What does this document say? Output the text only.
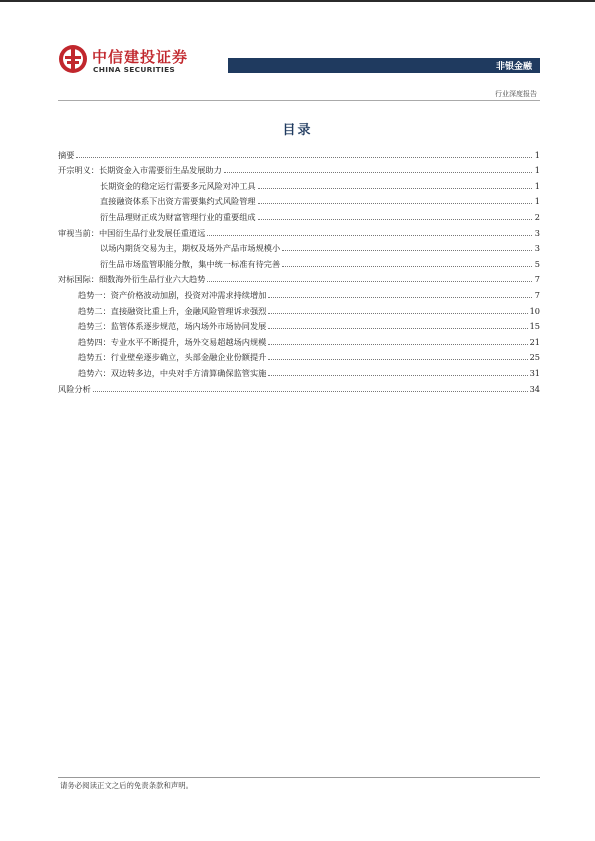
中信建投证券
CHINA SECURITIES	非银金融
行业深度报告
目录
摘要	1
开宗明义：长期资金入市需要衍生品发展助力	1
长期资金的稳定运行需要多元风险对冲工具	1
直接融资体系下出资方需要集约式风险管理	1
衍生品理财正成为财富管理行业的重要组成	2
审视当前：中国衍生品行业发展任重道远	3
以场内期货交易为主，期权及场外产品市场规模小	3
衍生品市场监管职能分散，集中统一标准有待完善	5
对标国际：细数海外衍生品行业六大趋势	7
趋势一：资产价格波动加剧，投资对冲需求持续增加	7
趋势二：直接融资比重上升，金融风险管理诉求强烈	10
趋势三：监管体系逐步规范，场内场外市场协同发展	15
趋势四：专业水平不断提升，场外交易超越场内规模	21
趋势五：行业壁垒逐步确立，头部金融企业份额提升	25
趋势六：双边转多边，中央对手方清算确保监管实施	31
风险分析	34
请务必阅读正文之后的免责条款和声明。
